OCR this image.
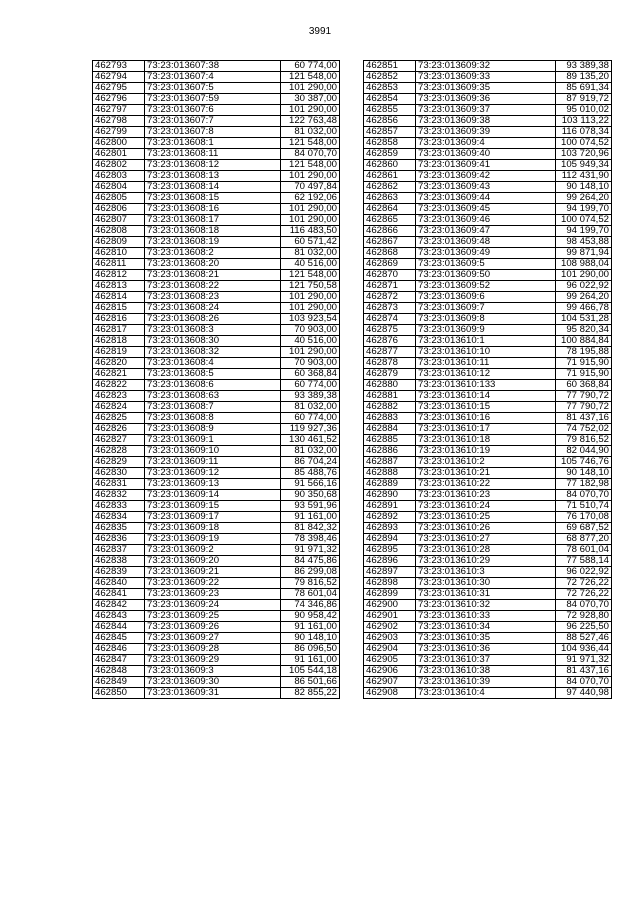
3991
462793	73:23:013607:38	60 774,00
462794	73:23:013607:4	121 548,00
462795	73:23:013607:5	101 290,00
462796	73:23:013607:59	30 387,00
462797	73:23:013607:6	101 290,00
462798	73:23:013607:7	122 763,48
462799	73:23:013607:8	81 032,00
462800	73:23:013608:1	121 548,00
462801	73:23:013608:11	84 070,70
462802	73:23:013608:12	121 548,00
462803	73:23:013608:13	101 290,00
462804	73:23:013608:14	70 497,84
462805	73:23:013608:15	62 192,06
462806	73:23:013608:16	101 290,00
462807	73:23:013608:17	101 290,00
462808	73:23:013608:18	116 483,50
462809	73:23:013608:19	60 571,42
462810	73:23:013608:2	81 032,00
462811	73:23:013608:20	40 516,00
462812	73:23:013608:21	121 548,00
462813	73:23:013608:22	121 750,58
462814	73:23:013608:23	101 290,00
462815	73:23:013608:24	101 290,00
462816	73:23:013608:26	103 923,54
462817	73:23:013608:3	70 903,00
462818	73:23:013608:30	40 516,00
462819	73:23:013608:32	101 290,00
462820	73:23:013608:4	70 903,00
462821	73:23:013608:5	60 368,84
462822	73:23:013608:6	60 774,00
462823	73:23:013608:63	93 389,38
462824	73:23:013608:7	81 032,00
462825	73:23:013608:8	60 774,00
462826	73:23:013608:9	119 927,36
462827	73:23:013609:1	130 461,52
462828	73:23:013609:10	81 032,00
462829	73:23:013609:11	86 704,24
462830	73:23:013609:12	85 488,76
462831	73:23:013609:13	91 566,16
462832	73:23:013609:14	90 350,68
462833	73:23:013609:15	93 591,96
462834	73:23:013609:17	91 161,00
462835	73:23:013609:18	81 842,32
462836	73:23:013609:19	78 398,46
462837	73:23:013609:2	91 971,32
462838	73:23:013609:20	84 475,86
462839	73:23:013609:21	86 299,08
462840	73:23:013609:22	79 816,52
462841	73:23:013609:23	78 601,04
462842	73:23:013609:24	74 346,86
462843	73:23:013609:25	90 958,42
462844	73:23:013609:26	91 161,00
462845	73:23:013609:27	90 148,10
462846	73:23:013609:28	86 096,50
462847	73:23:013609:29	91 161,00
462848	73:23:013609:3	105 544,18
462849	73:23:013609:30	86 501,66
462850	73:23:013609:31	82 855,22
462851	73:23:013609:32	93 389,38
462852	73:23:013609:33	89 135,20
462853	73:23:013609:35	85 691,34
462854	73:23:013609:36	87 919,72
462855	73:23:013609:37	95 010,02
462856	73:23:013609:38	103 113,22
462857	73:23:013609:39	116 078,34
462858	73:23:013609:4	100 074,52
462859	73:23:013609:40	103 720,96
462860	73:23:013609:41	105 949,34
462861	73:23:013609:42	112 431,90
462862	73:23:013609:43	90 148,10
462863	73:23:013609:44	99 264,20
462864	73:23:013609:45	94 199,70
462865	73:23:013609:46	100 074,52
462866	73:23:013609:47	94 199,70
462867	73:23:013609:48	98 453,88
462868	73:23:013609:49	99 871,94
462869	73:23:013609:5	108 988,04
462870	73:23:013609:50	101 290,00
462871	73:23:013609:52	96 022,92
462872	73:23:013609:6	99 264,20
462873	73:23:013609:7	99 466,78
462874	73:23:013609:8	104 531,28
462875	73:23:013609:9	95 820,34
462876	73:23:013610:1	100 884,84
462877	73:23:013610:10	78 195,88
462878	73:23:013610:11	71 915,90
462879	73:23:013610:12	71 915,90
462880	73:23:013610:133	60 368,84
462881	73:23:013610:14	77 790,72
462882	73:23:013610:15	77 790,72
462883	73:23:013610:16	81 437,16
462884	73:23:013610:17	74 752,02
462885	73:23:013610:18	79 816,52
462886	73:23:013610:19	82 044,90
462887	73:23:013610:2	105 746,76
462888	73:23:013610:21	90 148,10
462889	73:23:013610:22	77 182,98
462890	73:23:013610:23	84 070,70
462891	73:23:013610:24	71 510,74
462892	73:23:013610:25	76 170,08
462893	73:23:013610:26	69 687,52
462894	73:23:013610:27	68 877,20
462895	73:23:013610:28	78 601,04
462896	73:23:013610:29	77 588,14
462897	73:23:013610:3	96 022,92
462898	73:23:013610:30	72 726,22
462899	73:23:013610:31	72 726,22
462900	73:23:013610:32	84 070,70
462901	73:23:013610:33	72 928,80
462902	73:23:013610:34	96 225,50
462903	73:23:013610:35	88 527,46
462904	73:23:013610:36	104 936,44
462905	73:23:013610:37	91 971,32
462906	73:23:013610:38	81 437,16
462907	73:23:013610:39	84 070,70
462908	73:23:013610:4	97 440,98
